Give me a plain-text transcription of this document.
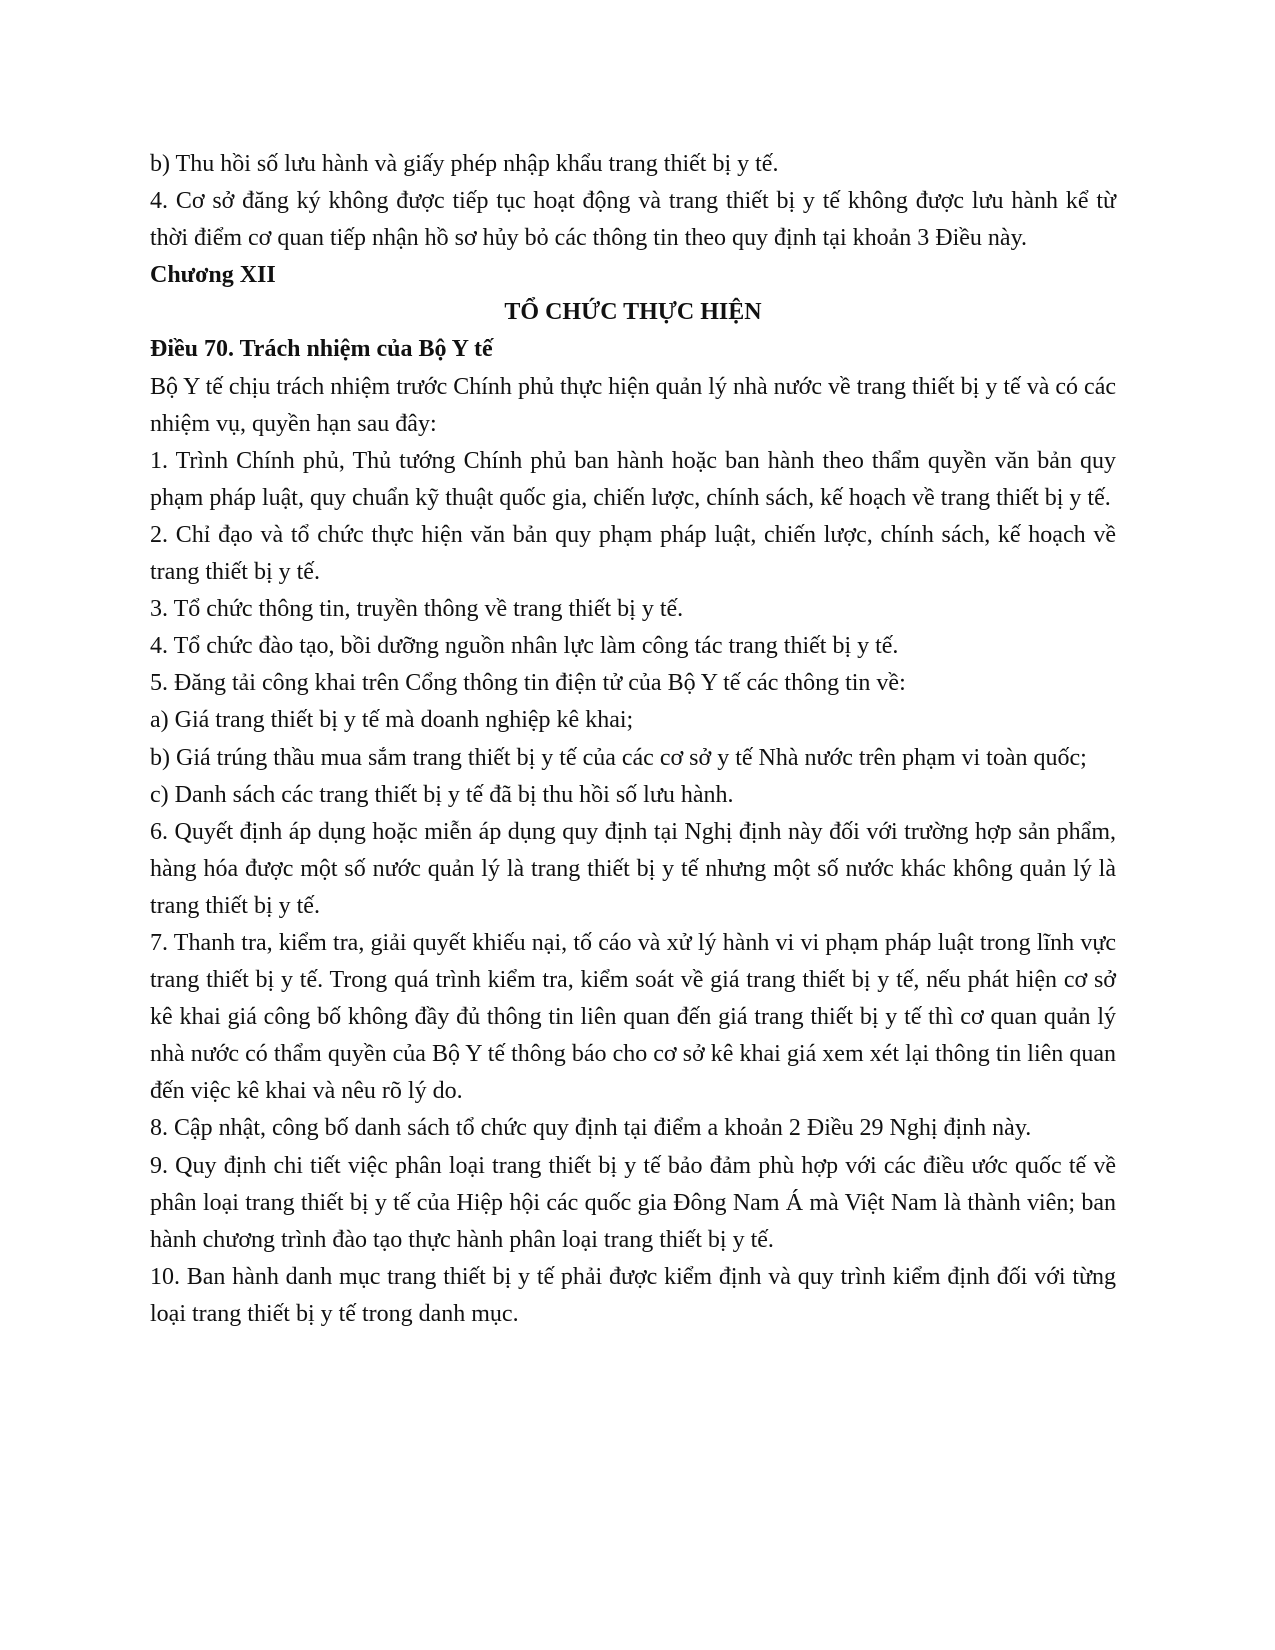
b) Thu hồi số lưu hành và giấy phép nhập khẩu trang thiết bị y tế.

4. Cơ sở đăng ký không được tiếp tục hoạt động và trang thiết bị y tế không được lưu hành kể từ thời điểm cơ quan tiếp nhận hồ sơ hủy bỏ các thông tin theo quy định tại khoản 3 Điều này.

Chương XII

TỔ CHỨC THỰC HIỆN

Điều 70. Trách nhiệm của Bộ Y tế

Bộ Y tế chịu trách nhiệm trước Chính phủ thực hiện quản lý nhà nước về trang thiết bị y tế và có các nhiệm vụ, quyền hạn sau đây:

1. Trình Chính phủ, Thủ tướng Chính phủ ban hành hoặc ban hành theo thẩm quyền văn bản quy phạm pháp luật, quy chuẩn kỹ thuật quốc gia, chiến lược, chính sách, kế hoạch về trang thiết bị y tế.

2. Chỉ đạo và tổ chức thực hiện văn bản quy phạm pháp luật, chiến lược, chính sách, kế hoạch về trang thiết bị y tế.

3. Tổ chức thông tin, truyền thông về trang thiết bị y tế.

4. Tổ chức đào tạo, bồi dưỡng nguồn nhân lực làm công tác trang thiết bị y tế.

5. Đăng tải công khai trên Cổng thông tin điện tử của Bộ Y tế các thông tin về:

a) Giá trang thiết bị y tế mà doanh nghiệp kê khai;

b) Giá trúng thầu mua sắm trang thiết bị y tế của các cơ sở y tế Nhà nước trên phạm vi toàn quốc;

c) Danh sách các trang thiết bị y tế đã bị thu hồi số lưu hành.

6. Quyết định áp dụng hoặc miễn áp dụng quy định tại Nghị định này đối với trường hợp sản phẩm, hàng hóa được một số nước quản lý là trang thiết bị y tế nhưng một số nước khác không quản lý là trang thiết bị y tế.

7. Thanh tra, kiểm tra, giải quyết khiếu nại, tố cáo và xử lý hành vi vi phạm pháp luật trong lĩnh vực trang thiết bị y tế. Trong quá trình kiểm tra, kiểm soát về giá trang thiết bị y tế, nếu phát hiện cơ sở kê khai giá công bố không đầy đủ thông tin liên quan đến giá trang thiết bị y tế thì cơ quan quản lý nhà nước có thẩm quyền của Bộ Y tế thông báo cho cơ sở kê khai giá xem xét lại thông tin liên quan đến việc kê khai và nêu rõ lý do.

8. Cập nhật, công bố danh sách tổ chức quy định tại điểm a khoản 2 Điều 29 Nghị định này.

9. Quy định chi tiết việc phân loại trang thiết bị y tế bảo đảm phù hợp với các điều ước quốc tế về phân loại trang thiết bị y tế của Hiệp hội các quốc gia Đông Nam Á mà Việt Nam là thành viên; ban hành chương trình đào tạo thực hành phân loại trang thiết bị y tế.

10. Ban hành danh mục trang thiết bị y tế phải được kiểm định và quy trình kiểm định đối với từng loại trang thiết bị y tế trong danh mục.
